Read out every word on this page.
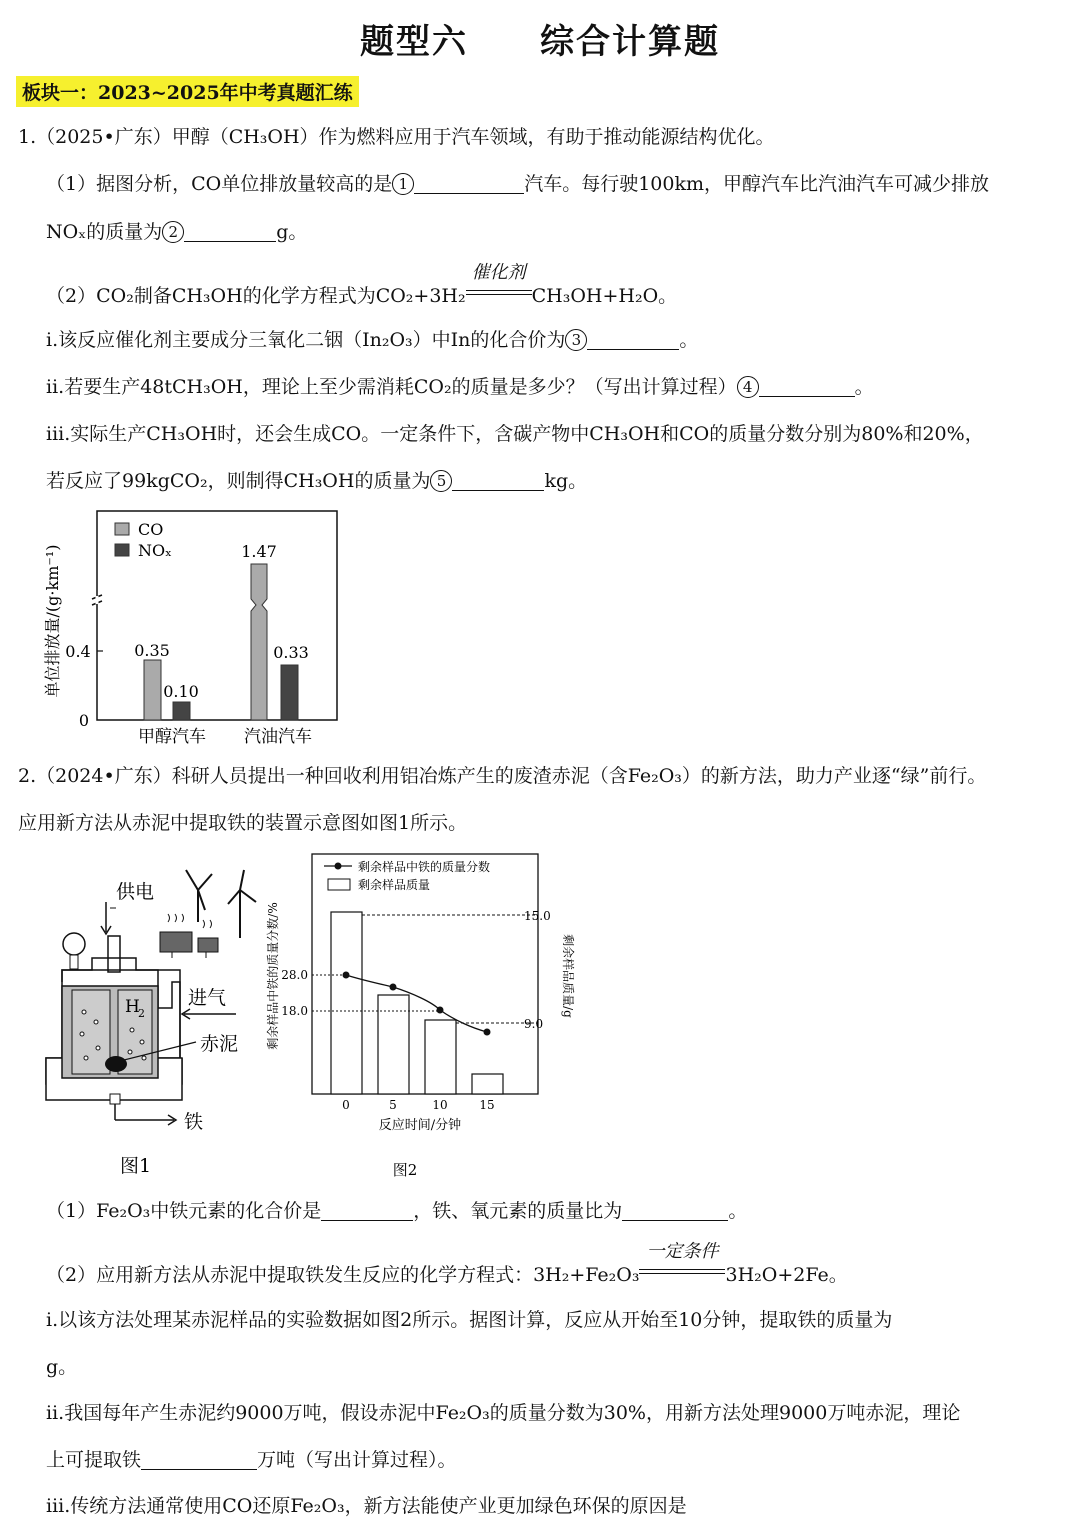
题型六　　综合计算题
板块一：2023~2025年中考真题汇练
1.（2025•广东）甲醇（CH₃OH）作为燃料应用于汽车领域，有助于推动能源结构优化。
（1）据图分析，CO单位排放量较高的是 1	汽车。每行驶100km，甲醇汽车比汽油汽车可减少排放
NOₓ的质量为 2	g。
（2）CO₂制备CH₃OH的化学方程式为CO₂+3H₂
催化剂
CH₃OH+H₂O。
ⅰ.该反应催化剂主要成分三氧化二铟（In₂O₃）中In的化合价为 3	。
ⅱ.若要生产48tCH₃OH，理论上至少需消耗CO₂的质量是多少？（写出计算过程） 4	。
ⅲ.实际生产CH₃OH时，还会生成CO。一定条件下，含碳产物中CH₃OH和CO的质量分数分别为80%和20%，
若反应了99kgCO₂，则制得CH₃OH的质量为 5	kg。
0.4
0
单位排放量/(g·km⁻¹)
CO
NOₓ
0.35
0.10
1.47
0.33
甲醇汽车 汽油汽车
2.（2024•广东）科研人员提出一种回收利用铝冶炼产生的废渣赤泥（含Fe₂O₃）的新方法，助力产业逐“绿”前行。
应用新方法从赤泥中提取铁的装置示意图如图1所示。
供电
H
2
进气
赤泥
铁
图1
剩余样品中铁的质量分数
剩余样品质量
28.0
18.0
15.0
9.0
0	5	10	15
反应时间/分钟
剩余样品中铁的质量分数/%	剩余样品质量/g
图2
（1）Fe₂O₃中铁元素的化合价是	，铁、氧元素的质量比为	。
（2）应用新方法从赤泥中提取铁发生反应的化学方程式：3H₂+Fe₂O₃
一定条件
3H₂O+2Fe。
ⅰ.以该方法处理某赤泥样品的实验数据如图2所示。据图计算，反应从开始至10分钟，提取铁的质量为
g。
ⅱ.我国每年产生赤泥约9000万吨，假设赤泥中Fe₂O₃的质量分数为30%，用新方法处理9000万吨赤泥，理论
上可提取铁	万吨（写出计算过程）。
ⅲ.传统方法通常使用CO还原Fe₂O₃，新方法能使产业更加绿色环保的原因是
